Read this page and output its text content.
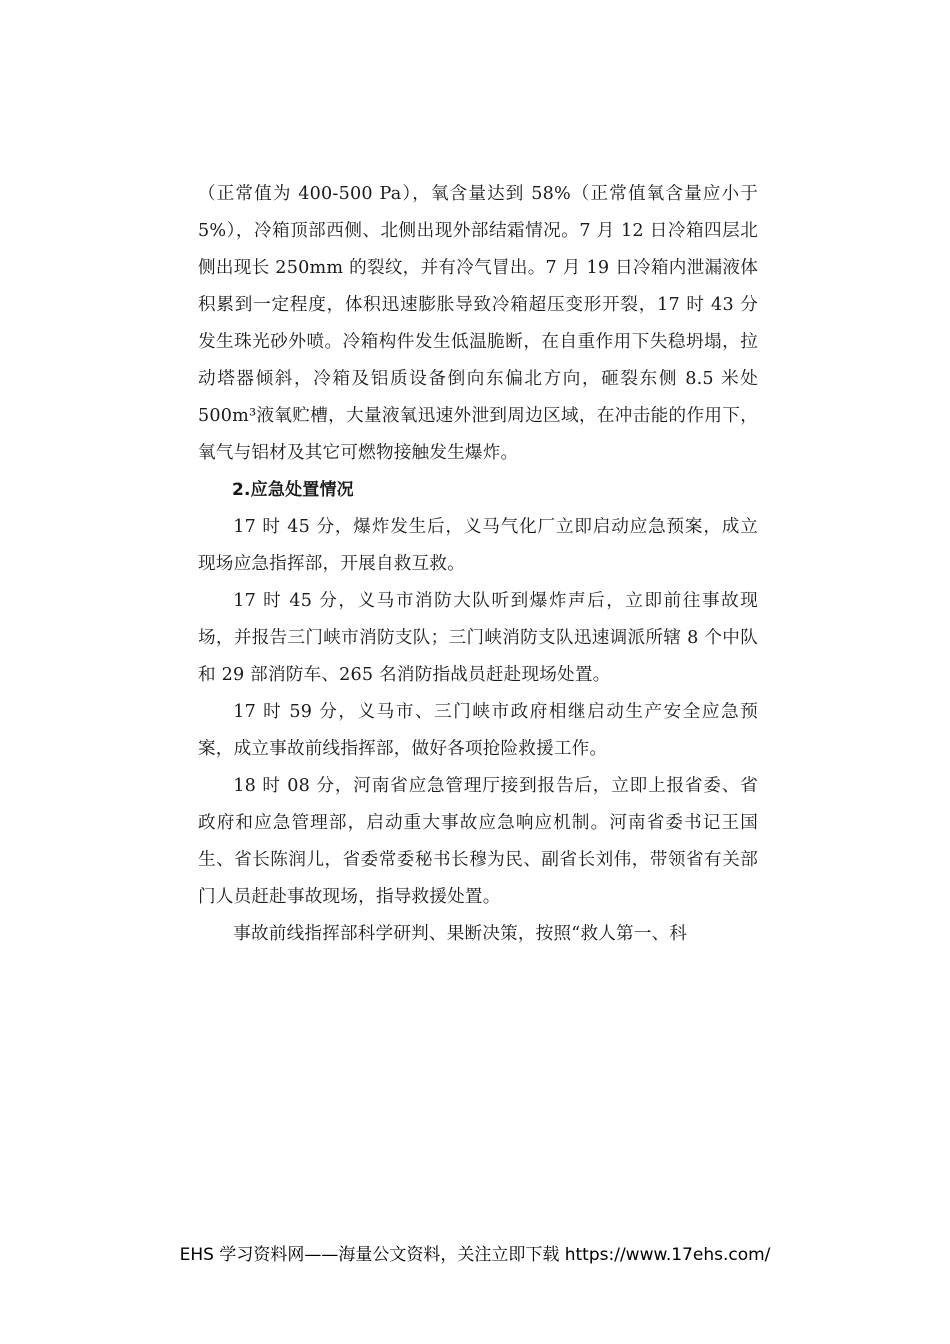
（正常值为 400-500 Pa），氧含量达到 58%（正常值氧含量应小于 5%），冷箱顶部西侧、北侧出现外部结霜情况。7 月 12 日冷箱四层北侧出现长 250mm 的裂纹，并有冷气冒出。7 月 19 日冷箱内泄漏液体积累到一定程度，体积迅速膨胀导致冷箱超压变形开裂，17 时 43 分发生珠光砂外喷。冷箱构件发生低温脆断，在自重作用下失稳坍塌，拉动塔器倾斜，冷箱及铝质设备倒向东偏北方向，砸裂东侧 8.5 米处 500m³液氧贮槽，大量液氧迅速外泄到周边区域，在冲击能的作用下，氧气与铝材及其它可燃物接触发生爆炸。

2.应急处置情况

17 时 45 分，爆炸发生后，义马气化厂立即启动应急预案，成立现场应急指挥部，开展自救互救。

17 时 45 分，义马市消防大队听到爆炸声后，立即前往事故现场，并报告三门峡市消防支队；三门峡消防支队迅速调派所辖 8 个中队和 29 部消防车、265 名消防指战员赶赴现场处置。

17 时 59 分，义马市、三门峡市政府相继启动生产安全应急预案，成立事故前线指挥部，做好各项抢险救援工作。

18 时 08 分，河南省应急管理厅接到报告后，立即上报省委、省政府和应急管理部，启动重大事故应急响应机制。河南省委书记王国生、省长陈润儿，省委常委秘书长穆为民、副省长刘伟，带领省有关部门人员赶赴事故现场，指导救援处置。

事故前线指挥部科学研判、果断决策，按照“救人第一、科

EHS 学习资料网——海量公文资料，关注立即下载 https://www.17ehs.com/
